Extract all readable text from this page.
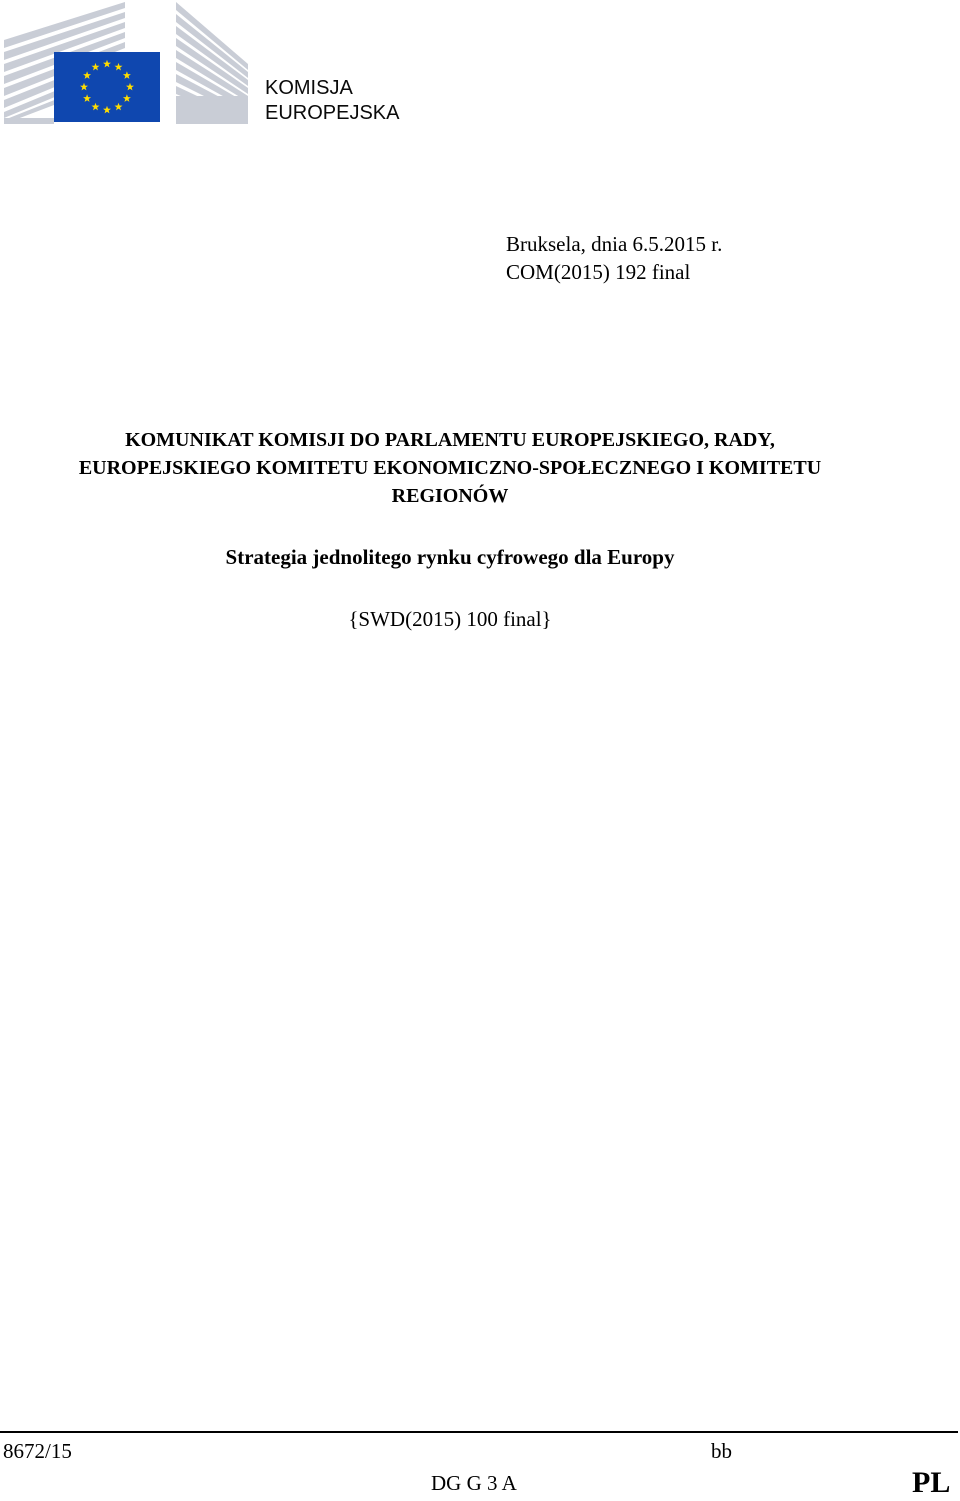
KOMISJA
EUROPEJSKA
Bruksela, dnia 6.5.2015 r.
COM(2015) 192 final
KOMUNIKAT KOMISJI DO PARLAMENTU EUROPEJSKIEGO, RADY,
EUROPEJSKIEGO KOMITETU EKONOMICZNO-SPOŁECZNEGO I KOMITETU
REGIONÓW
Strategia jednolitego rynku cyfrowego dla Europy
{SWD(2015) 100 final}
8672/15	bb
DG G 3 A	PL
